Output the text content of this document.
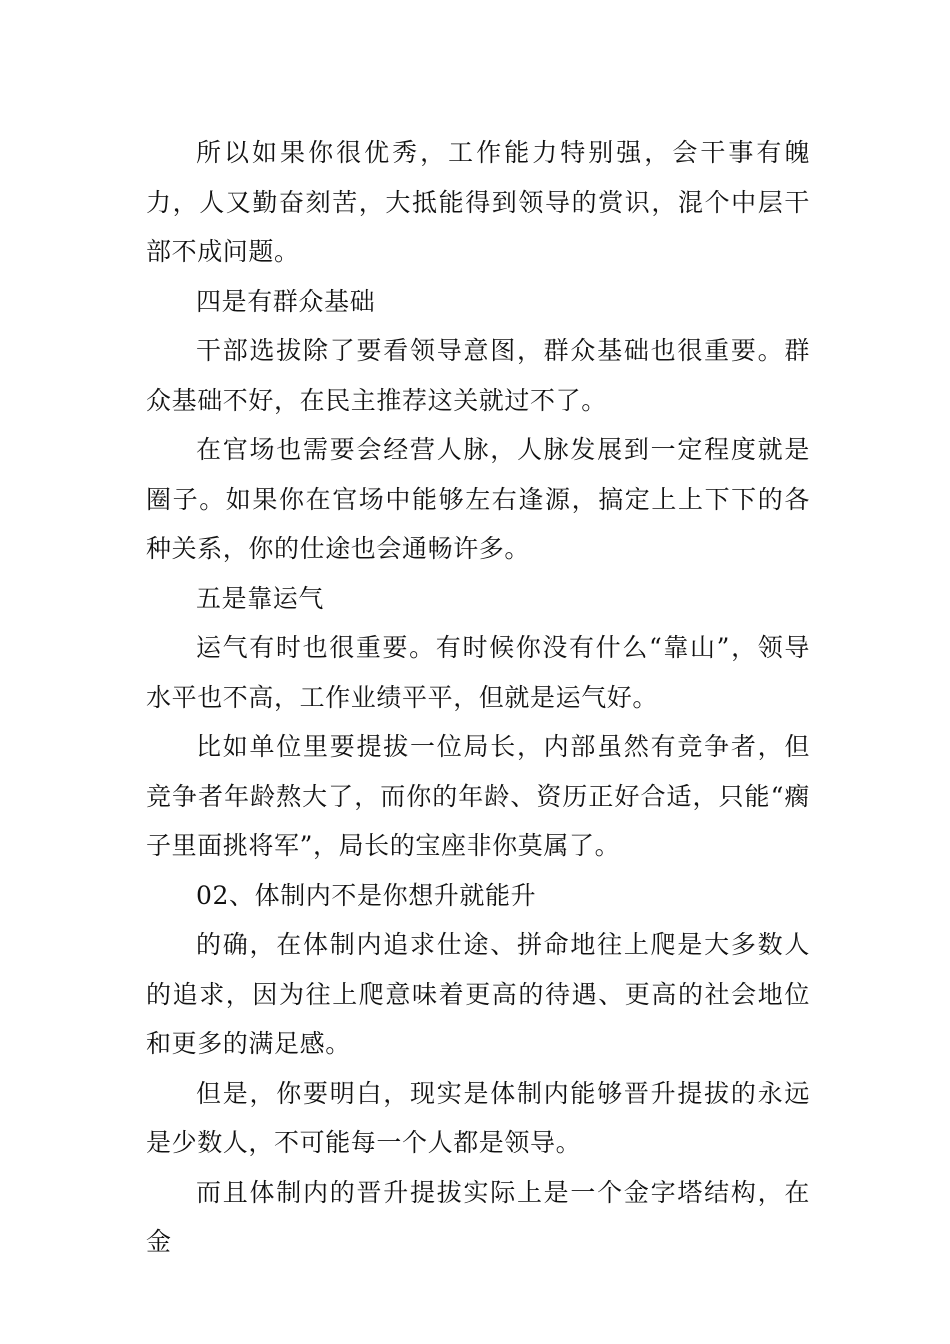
所以如果你很优秀，工作能力特别强，会干事有魄力，人又勤奋刻苦，大抵能得到领导的赏识，混个中层干部不成问题。

四是有群众基础

干部选拔除了要看领导意图，群众基础也很重要。群众基础不好，在民主推荐这关就过不了。

在官场也需要会经营人脉，人脉发展到一定程度就是圈子。如果你在官场中能够左右逢源，搞定上上下下的各种关系，你的仕途也会通畅许多。

五是靠运气

运气有时也很重要。有时候你没有什么“靠山”，领导水平也不高，工作业绩平平，但就是运气好。

比如单位里要提拔一位局长，内部虽然有竞争者，但竞争者年龄熬大了，而你的年龄、资历正好合适，只能“瘸子里面挑将军”，局长的宝座非你莫属了。

02、体制内不是你想升就能升

的确，在体制内追求仕途、拼命地往上爬是大多数人的追求，因为往上爬意味着更高的待遇、更高的社会地位和更多的满足感。

但是，你要明白，现实是体制内能够晋升提拔的永远是少数人，不可能每一个人都是领导。

而且体制内的晋升提拔实际上是一个金字塔结构，在金
